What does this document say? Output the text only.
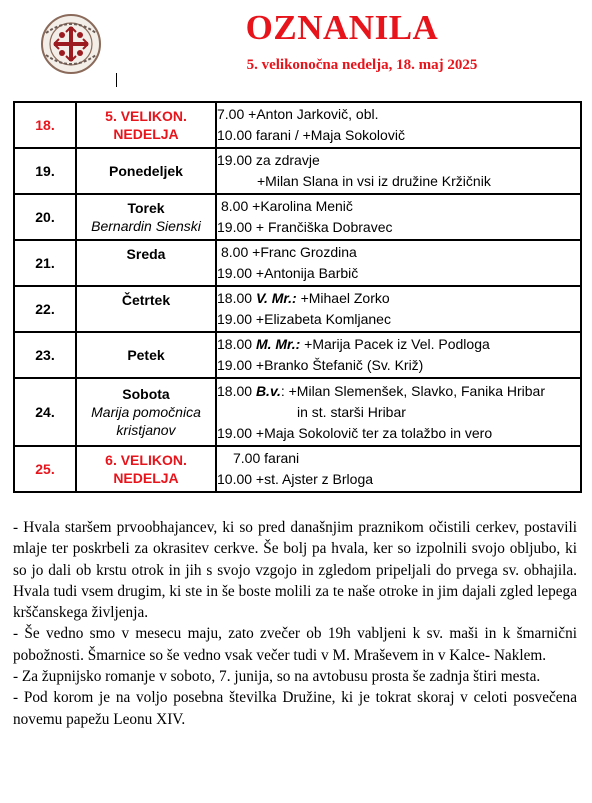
OZNANILA
5. velikonočna nedelja, 18. maj 2025
18.	5. VELIKON. NEDELJA	7.00 +Anton Jarkovič, obl.
10.00 farani / +Maja Sokolovič

19.	Ponedeljek	19.00 za zdravje
+Milan Slana in vsi iz družine Kržičnik

20.	Torek
Bernardin Sienski	8.00 +Karolina Menič
19.00 + Frančiška Dobravec

21.	Sreda	8.00 +Franc Grozdina
19.00 +Antonija Barbič

22.	Četrtek	18.00 V. Mr.: +Mihael Zorko
19.00 +Elizabeta Komljanec

23.	Petek	18.00 M. Mr.: +Marija Pacek iz Vel. Podloga
19.00 +Branko Štefanič (Sv. Križ)

24.	Sobota
Marija pomočnica kristjanov	18.00 B.v.: +Milan Slemenšek, Slavko, Fanika Hribar
in st. starši Hribar
19.00 +Maja Sokolovič ter za tolažbo in vero

25.	6. VELIKON. NEDELJA	7.00 farani
10.00 +st. Ajster z Brloga

- Hvala staršem prvoobhajancev, ki so pred današnjim praznikom očistili cerkev, postavili mlaje ter poskrbeli za okrasitev cerkve. Še bolj pa hvala, ker so izpolnili svojo obljubo, ki so jo dali ob krstu otrok in jih s svojo vzgojo in zgledom pripeljali do prvega sv. obhajila. Hvala tudi vsem drugim, ki ste in še boste molili za te naše otroke in jim dajali zgled lepega krščanskega življenja.

- Še vedno smo v mesecu maju, zato zvečer ob 19h vabljeni k sv. maši in k šmarnični pobožnosti. Šmarnice so še vedno vsak večer tudi v M. Mraševem in v Kalce- Naklem.

- Za župnijsko romanje v soboto, 7. junija, so na avtobusu prosta še zadnja štiri mesta.

- Pod korom je na voljo posebna številka Družine, ki je tokrat skoraj v celoti posvečena novemu papežu Leonu XIV.
